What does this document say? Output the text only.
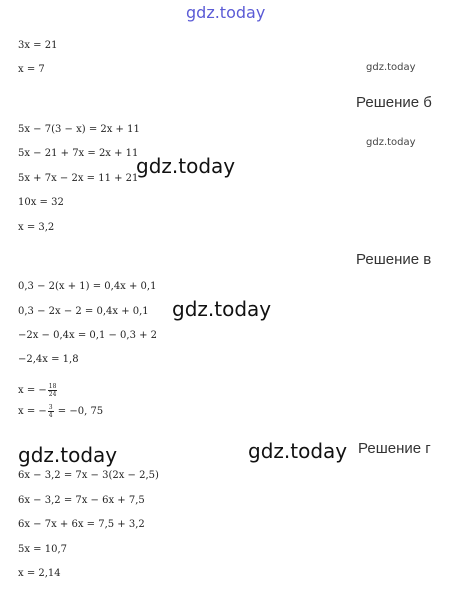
gdz.today
3x = 21
x = 7	gdz.today
Решение б
gdz.today
5x − 7(3 − x) = 2x + 11
5x − 21 + 7x = 2x + 11
5x + 7x − 2x = 11 + 21
10x = 32
x = 3,2
gdz.today
Решение в
0,3 − 2(x + 1) = 0,4x + 0,1
0,3 − 2x − 2 = 0,4x + 0,1
−2x − 0,4x = 0,1 − 0,3 + 2
−2,4x = 1,8
gdz.today
x = − $\frac{18}{24}$
x = − $\frac{3}{4} = -0$, 75
gdz.today	gdz.today Решение г
6x − 3,2 = 7x − 3(2x − 2,5)
6x − 3,2 = 7x − 6x + 7,5
6x − 7x + 6x = 7,5 + 3,2
5x = 10,7
x = 2,14
